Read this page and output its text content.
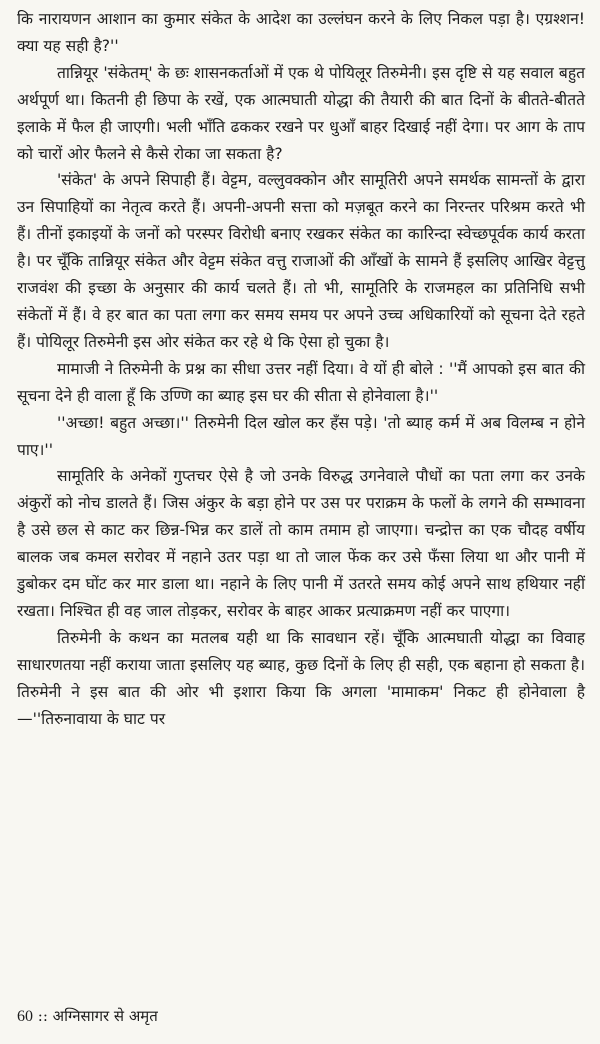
कि नारायणन आशान का कुमार संकेत के आदेश का उल्लंघन करने के लिए निकल पड़ा है। एग्रश्शन! क्या यह सही है?''

तान्नियूर 'संकेतम्' के छः शासनकर्ताओं में एक थे पोयिलूर तिरुमेनी। इस दृष्टि से यह सवाल बहुत अर्थपूर्ण था। कितनी ही छिपा के रखें, एक आत्मघाती योद्धा की तैयारी की बात दिनों के बीतते-बीतते इलाके में फैल ही जाएगी। भली भाँति ढककर रखने पर धुआँ बाहर दिखाई नहीं देगा। पर आग के ताप को चारों ओर फैलने से कैसे रोका जा सकता है?

'संकेत' के अपने सिपाही हैं। वेट्टम, वल्लुवक्कोन और सामूतिरी अपने समर्थक सामन्तों के द्वारा उन सिपाहियों का नेतृत्व करते हैं। अपनी-अपनी सत्ता को मज़बूत करने का निरन्तर परिश्रम करते भी हैं। तीनों इकाइयों के जनों को परस्पर विरोधी बनाए रखकर संकेत का कारिन्दा स्वेच्छपूर्वक कार्य करता है। पर चूँकि तान्नियूर संकेत और वेट्टम संकेत वत्तु राजाओं की आँखों के सामने हैं इसलिए आखिर वेट्टत्तु राजवंश की इच्छा के अनुसार की कार्य चलते हैं। तो भी, सामूतिरि के राजमहल का प्रतिनिधि सभी संकेतों में हैं। वे हर बात का पता लगा कर समय समय पर अपने उच्च अधिकारियों को सूचना देते रहते हैं। पोयिलूर तिरुमेनी इस ओर संकेत कर रहे थे कि ऐसा हो चुका है।

मामाजी ने तिरुमेनी के प्रश्न का सीधा उत्तर नहीं दिया। वे यों ही बोले : ''मैं आपको इस बात की सूचना देने ही वाला हूँ कि उण्णि का ब्याह इस घर की सीता से होनेवाला है।''

''अच्छा! बहुत अच्छा।'' तिरुमेनी दिल खोल कर हँस पड़े। 'तो ब्याह कर्म में अब विलम्ब न होने पाए।''

सामूतिरि के अनेकों गुप्तचर ऐसे है जो उनके विरुद्ध उगनेवाले पौधों का पता लगा कर उनके अंकुरों को नोच डालते हैं। जिस अंकुर के बड़ा होने पर उस पर पराक्रम के फलों के लगने की सम्भावना है उसे छल से काट कर छिन्न-भिन्न कर डालें तो काम तमाम हो जाएगा। चन्द्रोत्त का एक चौदह वर्षीय बालक जब कमल सरोवर में नहाने उतर पड़ा था तो जाल फेंक कर उसे फँसा लिया था और पानी में डुबोकर दम घोंट कर मार डाला था। नहाने के लिए पानी में उतरते समय कोई अपने साथ हथियार नहीं रखता। निश्चित ही वह जाल तोड़कर, सरोवर के बाहर आकर प्रत्याक्रमण नहीं कर पाएगा।

तिरुमेनी के कथन का मतलब यही था कि सावधान रहें। चूँकि आत्मघाती योद्धा का विवाह साधारणतया नहीं कराया जाता इसलिए यह ब्याह, कुछ दिनों के लिए ही सही, एक बहाना हो सकता है। तिरुमेनी ने इस बात की ओर भी इशारा किया कि अगला 'मामाकम' निकट ही होनेवाला है—''तिरुनावाया के घाट पर

60 :: अग्निसागर से अमृत
